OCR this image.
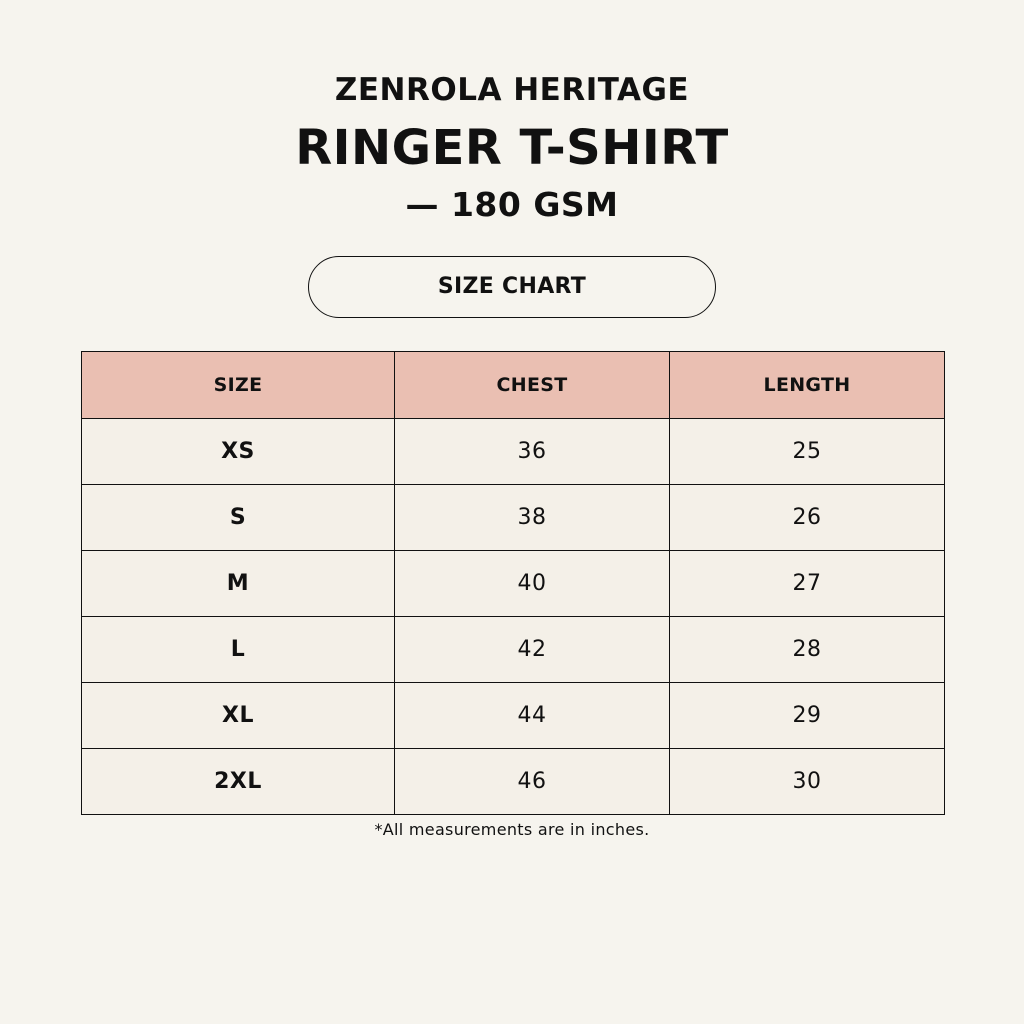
ZENROLA HERITAGE
RINGER T-SHIRT
— 180 GSM
SIZE CHART
SIZE	CHEST	LENGTH
XS	36	25
S	38	26
M	40	27
L	42	28
XL	44	29
2XL	46	30
*All measurements are in inches.
